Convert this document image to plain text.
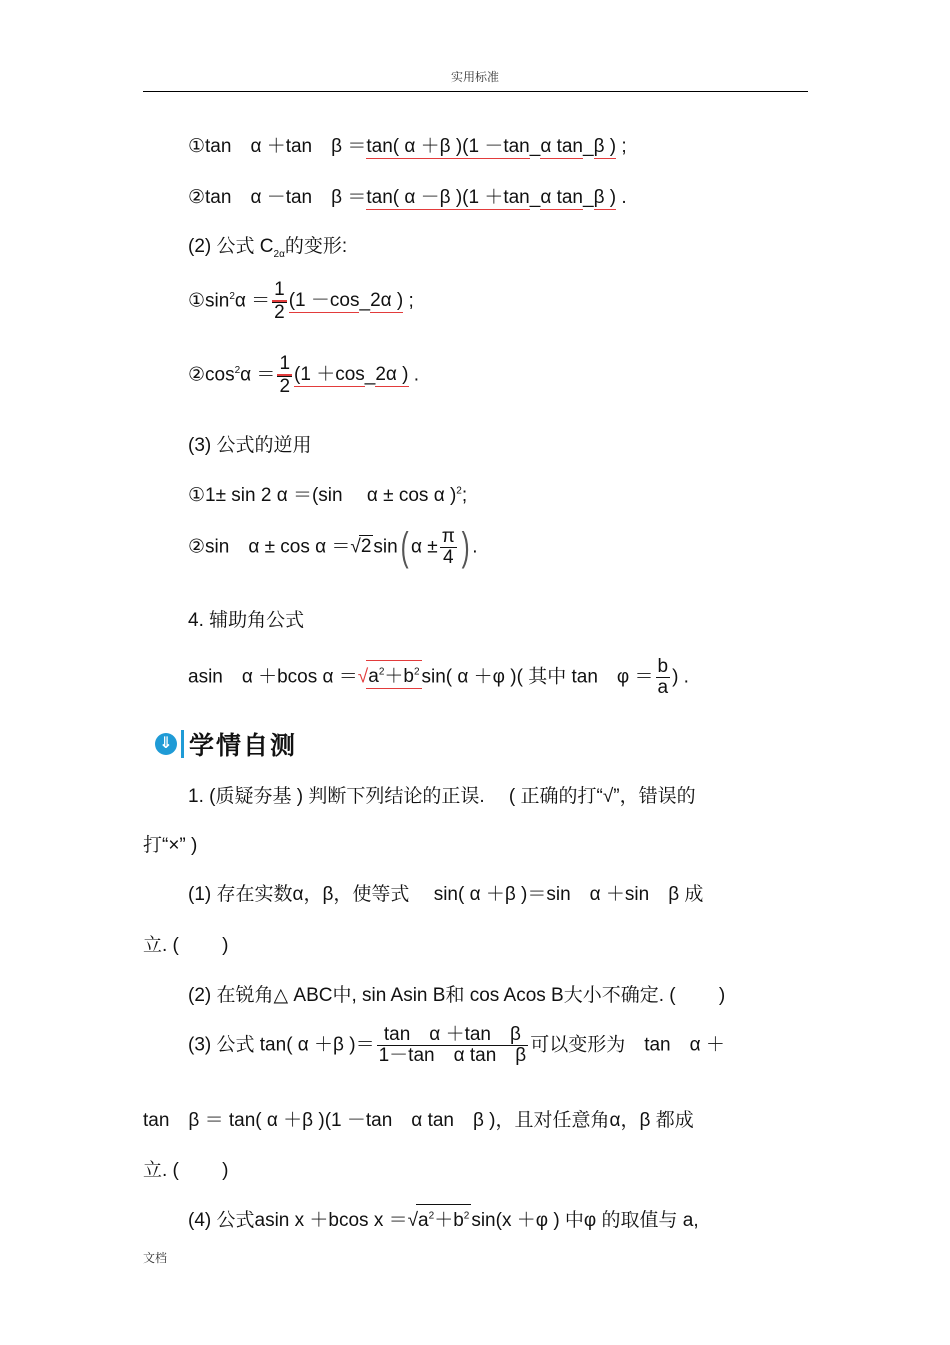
实用标准
①tan　α ＋tan　β ＝tan( α ＋β )(1 －tan_α tan_β ) ;
②tan　α －tan　β ＝tan( α －β )(1 ＋tan_α tan_β ) .
(2) 公式 $C_{2\alpha}$的变形:
$①\sin^2\alpha = \frac{1}{2} (1$ －cos_2α ) ;
$②\cos^2\alpha = \frac{1}{2} (1$ ＋cos_2α ) .
(3) 公式的逆用
①1± sin 2 α ＝(sin　 α ± cos α )$^2$;
②sin　α ± cos α ＝√2 sin( $\alpha \pm \frac{\pi}{4}$ ) .
4. 辅助角公式
asin　α ＋bcos $\alpha =√a^2+b^2$ sin( α ＋φ )( 其中 tan　$\varphi = \frac{b}{a}$ ) .
⇓ 学情自测
1. (质疑夯基 ) 判断下列结论的正误.　 ( 正确的打“√”，错误的
打“×” )
(1) 存在实数α，β，使等式　 sin( α ＋β )＝sin　α ＋sin　β 成
立. (　　 )
(2) 在锐角△ ABC中, sin Asin B和 cos Acos B大小不确定. (　　 )
(3) 公式 tan( α ＋β )＝ $\frac{\text{tan　α ＋tan　β}}{\text{1－tan　α tan　β}}$ 可以变形为　tan　α ＋
tan　β ＝ tan( α ＋β )(1 －tan　α tan　β )，且对任意角α，β 都成
立. (　　 )
(4) 公式asin x ＋bcos $x =√a^2+b^2$ sin(x ＋φ ) 中φ 的取值与 a,
文档
